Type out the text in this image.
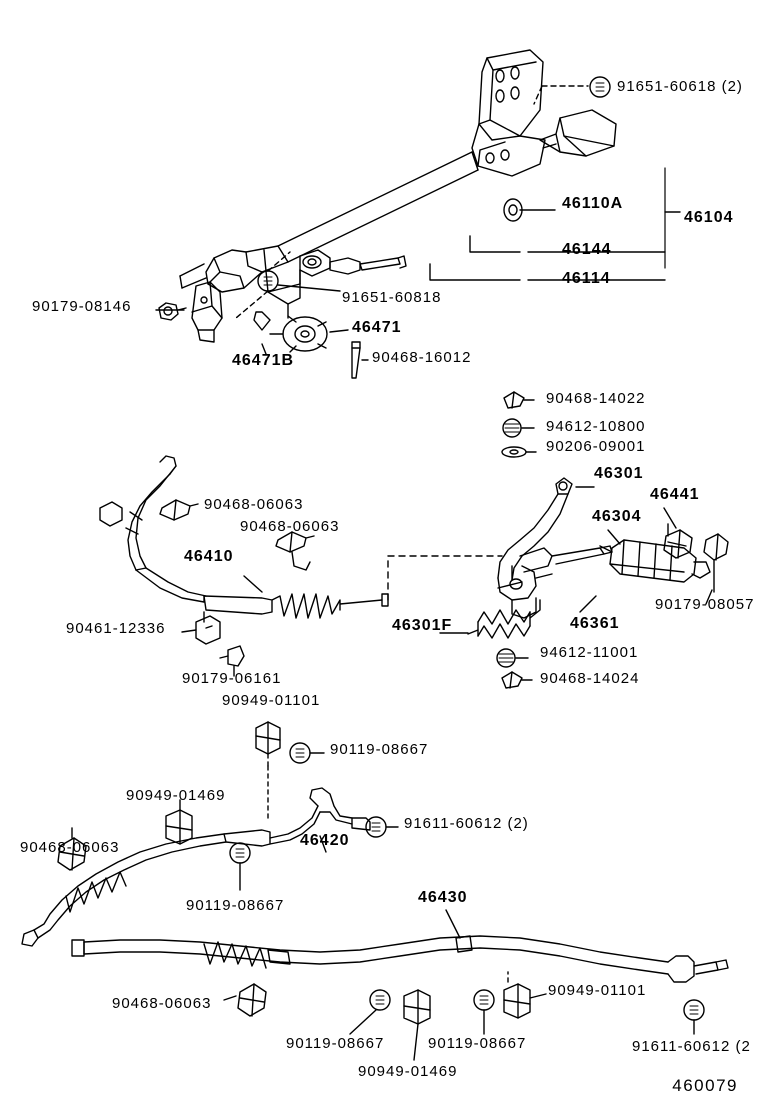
91651-60618 (2)
46110A
46104
46144
46114
91651-60818
90179-08146
46471
46471B	90468-16012
90468-14022
94612-10800
90206-09001
46301
46441
46304
90468-06063
90468-06063
46410
90179-08057
46361
46301F
90461-12336
94612-11001
90179-06161	90468-14024
90949-01101
90119-08667
90949-01469
91611-60612 (2)
90468-06063	46420
90119-08667	46430
90468-06063
90949-01101
90119-08667	90119-08667	91611-60612 (2
90949-01469
460079
